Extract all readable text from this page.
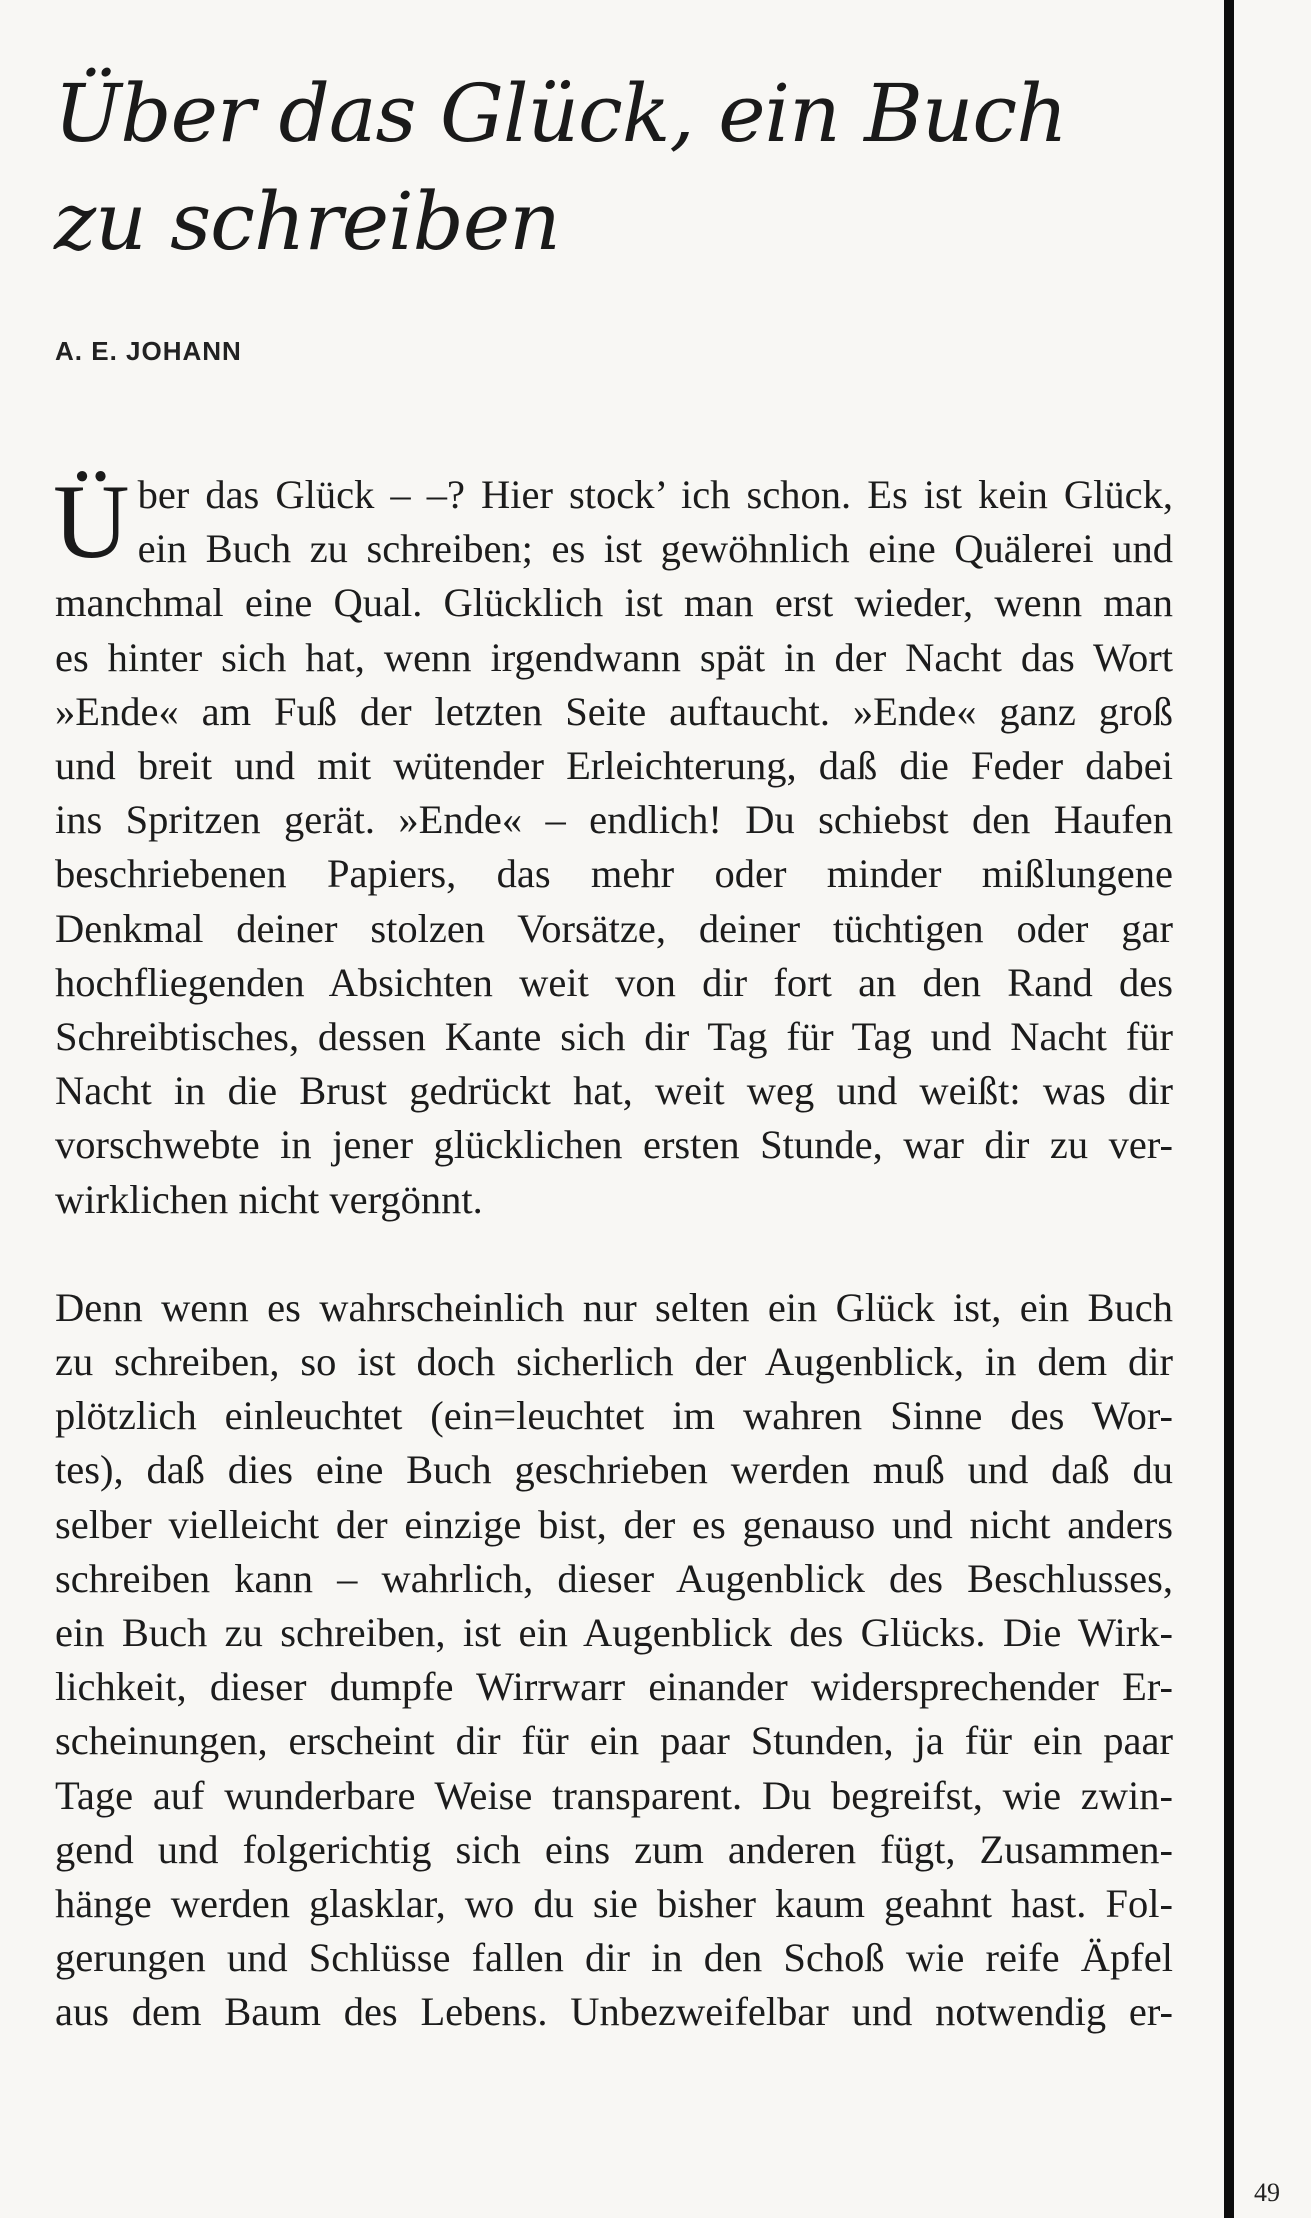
Über das Glück, ein Buch
zu schreiben
A. E. JOHANN

Ü ber das Glück – –? Hier stock’ ich schon. Es ist kein Glück,
ein Buch zu schreiben; es ist gewöhnlich eine Quälerei und
manchmal eine Qual. Glücklich ist man erst wieder, wenn man
es hinter sich hat, wenn irgendwann spät in der Nacht das Wort
»Ende« am Fuß der letzten Seite auftaucht. »Ende« ganz groß
und breit und mit wütender Erleichterung, daß die Feder dabei
ins Spritzen gerät. »Ende« – endlich! Du schiebst den Haufen
beschriebenen Papiers, das mehr oder minder mißlungene
Denkmal deiner stolzen Vorsätze, deiner tüchtigen oder gar
hochfliegenden Absichten weit von dir fort an den Rand des
Schreibtisches, dessen Kante sich dir Tag für Tag und Nacht für
Nacht in die Brust gedrückt hat, weit weg und weißt: was dir
vorschwebte in jener glücklichen ersten Stunde, war dir zu ver-
wirklichen nicht vergönnt.

Denn wenn es wahrscheinlich nur selten ein Glück ist, ein Buch
zu schreiben, so ist doch sicherlich der Augenblick, in dem dir
plötzlich einleuchtet (ein=leuchtet im wahren Sinne des Wor-
tes), daß dies eine Buch geschrieben werden muß und daß du
selber vielleicht der einzige bist, der es genauso und nicht anders
schreiben kann – wahrlich, dieser Augenblick des Beschlusses,
ein Buch zu schreiben, ist ein Augenblick des Glücks. Die Wirk-
lichkeit, dieser dumpfe Wirrwarr einander widersprechender Er-
scheinungen, erscheint dir für ein paar Stunden, ja für ein paar
Tage auf wunderbare Weise transparent. Du begreifst, wie zwin-
gend und folgerichtig sich eins zum anderen fügt, Zusammen-
hänge werden glasklar, wo du sie bisher kaum geahnt hast. Fol-
gerungen und Schlüsse fallen dir in den Schoß wie reife Äpfel
aus dem Baum des Lebens. Unbezweifelbar und notwendig er-

49
